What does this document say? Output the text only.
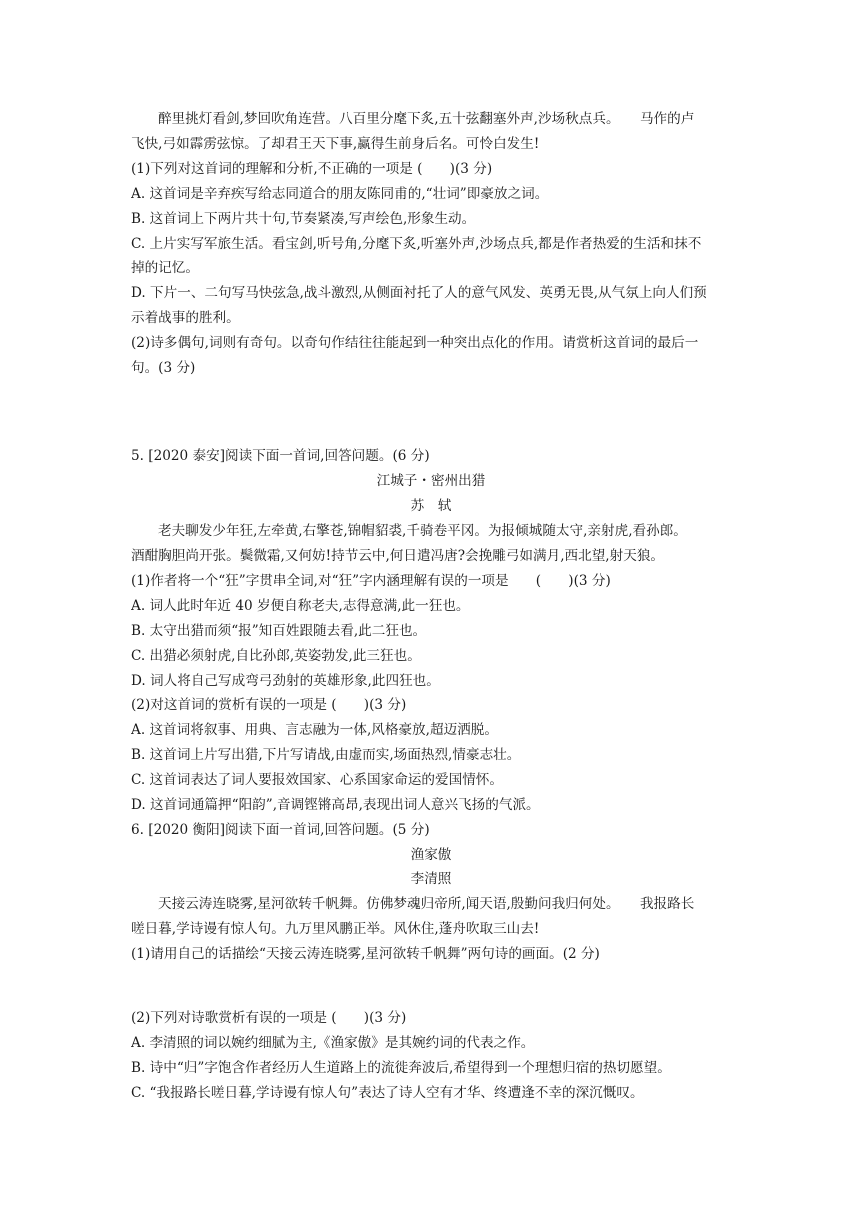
醉里挑灯看剑,梦回吹角连营。八百里分麾下炙,五十弦翻塞外声,沙场秋点兵。　　马作的卢
飞快,弓如霹雳弦惊。了却君王天下事,赢得生前身后名。可怜白发生!
(1)下列对这首词的理解和分析,不正确的一项是 (　　)(3 分)
A. 这首词是辛弃疾写给志同道合的朋友陈同甫的,“壮词”即豪放之词。
B. 这首词上下两片共十句,节奏紧凑,写声绘色,形象生动。
C. 上片实写军旅生活。看宝剑,听号角,分麾下炙,听塞外声,沙场点兵,都是作者热爱的生活和抹不
掉的记忆。
D. 下片一、二句写马快弦急,战斗激烈,从侧面衬托了人的意气风发、英勇无畏,从气氛上向人们预
示着战事的胜利。
(2)诗多偶句,词则有奇句。以奇句作结往往能起到一种突出点化的作用。请赏析这首词的最后一
句。(3 分)
5. [2020 泰安]阅读下面一首词,回答问题。(6 分)
江城子・密州出猎
苏　轼
老夫聊发少年狂,左牵黄,右擎苍,锦帽貂裘,千骑卷平冈。为报倾城随太守,亲射虎,看孙郎。
酒酣胸胆尚开张。鬓微霜,又何妨!持节云中,何日遣冯唐?会挽雕弓如满月,西北望,射天狼。
(1)作者将一个“狂”字贯串全词,对“狂”字内涵理解有误的一项是　　(　　)(3 分)
A. 词人此时年近 40 岁便自称老夫,志得意满,此一狂也。
B. 太守出猎而须“报”知百姓跟随去看,此二狂也。
C. 出猎必须射虎,自比孙郎,英姿勃发,此三狂也。
D. 词人将自己写成弯弓劲射的英雄形象,此四狂也。
(2)对这首词的赏析有误的一项是 (　　)(3 分)
A. 这首词将叙事、用典、言志融为一体,风格豪放,超迈洒脱。
B. 这首词上片写出猎,下片写请战,由虚而实,场面热烈,情豪志壮。
C. 这首词表达了词人要报效国家、心系国家命运的爱国情怀。
D. 这首词通篇押“阳韵”,音调铿锵高昂,表现出词人意兴飞扬的气派。
6. [2020 衡阳]阅读下面一首词,回答问题。(5 分)
渔家傲
李清照
天接云涛连晓雾,星河欲转千帆舞。仿佛梦魂归帝所,闻天语,殷勤问我归何处。　　我报路长
嗟日暮,学诗谩有惊人句。九万里风鹏正举。风休住,蓬舟吹取三山去!
(1)请用自己的话描绘“天接云涛连晓雾,星河欲转千帆舞”两句诗的画面。(2 分)
(2)下列对诗歌赏析有误的一项是 (　　)(3 分)
A. 李清照的词以婉约细腻为主,《渔家傲》是其婉约词的代表之作。
B. 诗中“归”字饱含作者经历人生道路上的流徙奔波后,希望得到一个理想归宿的热切愿望。
C. “我报路长嗟日暮,学诗谩有惊人句”表达了诗人空有才华、终遭逢不幸的深沉慨叹。
